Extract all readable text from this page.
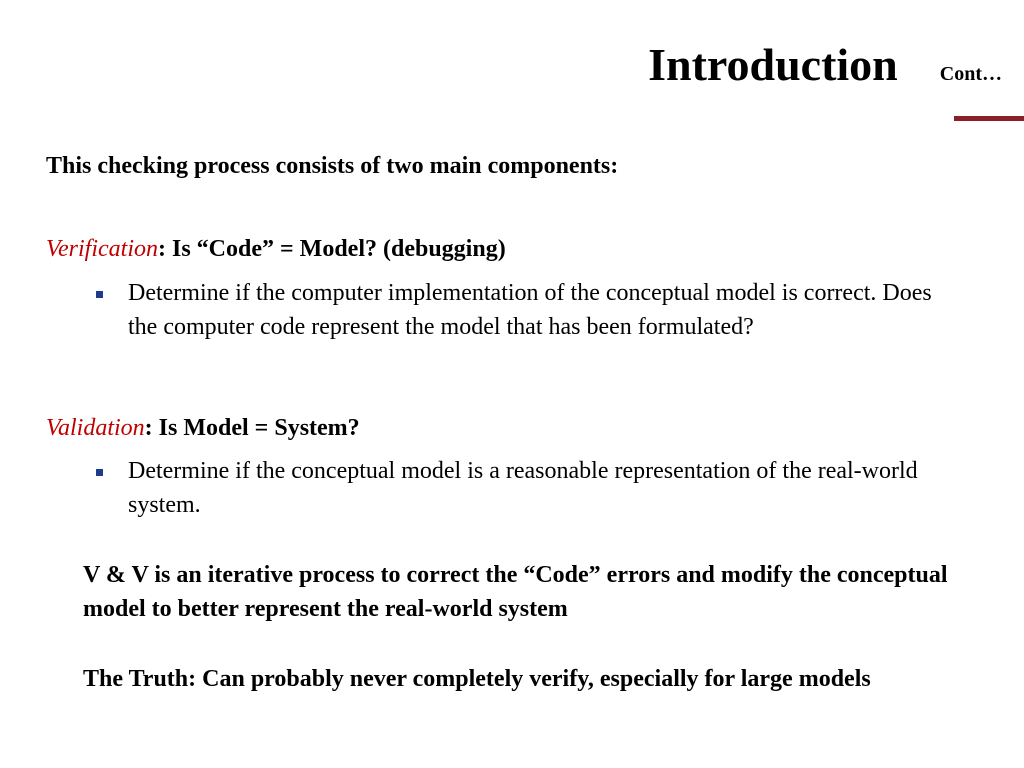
Introduction Cont…
This checking process consists of two main components:
Verification: Is “Code” = Model? (debugging)
Determine if the computer implementation of the conceptual model is correct. Does the computer code represent the model that has been formulated?
Validation: Is Model = System?
Determine if the conceptual model is a reasonable representation of the real-world system.
V & V is an iterative process to correct the “Code” errors and modify the conceptual model to better represent the real-world system
The Truth: Can probably never completely verify, especially for large models
